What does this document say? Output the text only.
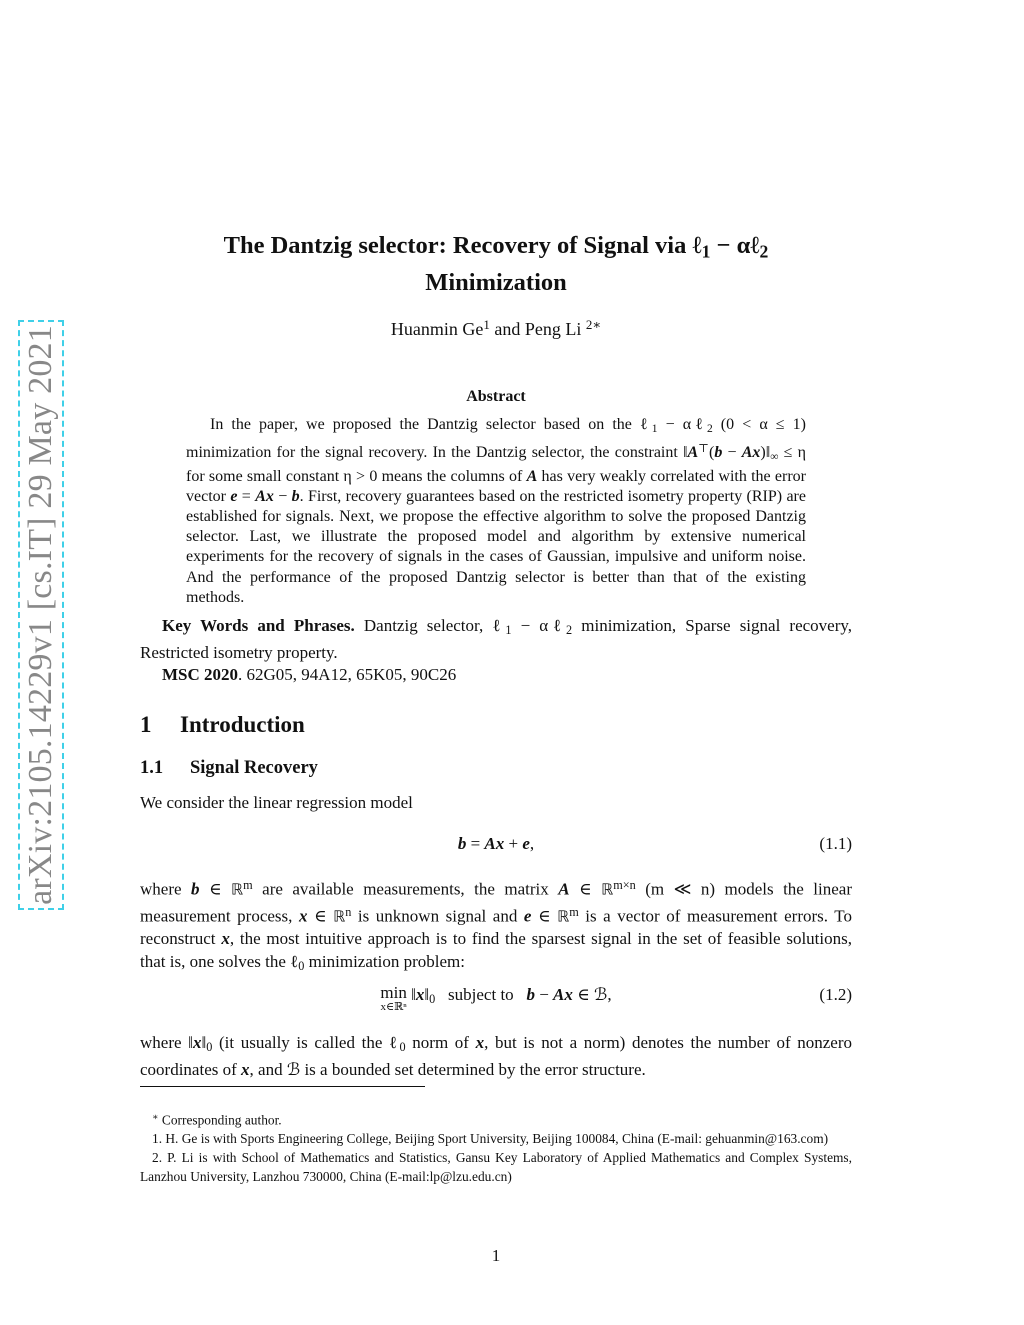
arXiv:2105.14229v1 [cs.IT] 29 May 2021
The Dantzig selector: Recovery of Signal via ℓ$_1$ − αℓ$_2$
Minimization
Huanmin Ge$^1$ and Peng Li $^{2∗}$
Abstract

In the paper, we proposed the Dantzig selector based on the ℓ$_1$ − αℓ$_2$ (0 < α ≤ 1) minimization for the signal recovery. In the Dantzig selector, the constraint ‖A⊤(b − $Ax)‖_\infty \le \eta$ for some small constant η > 0 means the columns of A has very weakly correlated with the error vector e = Ax − b. First, recovery guarantees based on the restricted isometry property (RIP) are established for signals. Next, we propose the effective algorithm to solve the proposed Dantzig selector. Last, we illustrate the proposed model and algorithm by extensive numerical experiments for the recovery of signals in the cases of Gaussian, impulsive and uniform noise. And the performance of the proposed Dantzig selector is better than that of the existing methods.

Key Words and Phrases. Dantzig selector, ℓ$_1$ − αℓ$_2$ minimization, Sparse signal recovery, Restricted isometry property.

MSC 2020. 62G05, 94A12, 65K05, 90C26

1 Introduction
1.1 Signal Recovery

We consider the linear regression model

b = Ax + e,	(1.1)

where b ∈ ℝ$^m$ are available measurements, the matrix A ∈ ℝ$^{m\times n}$ (m ≪ n) models the linear measurement process, x ∈ ℝ$^n$ is unknown signal and e ∈ ℝ$^m$ is a vector of measurement errors. To reconstruct x, the most intuitive approach is to find the sparsest signal in the set of feasible solutions, that is, one solves the ℓ$_0$ minimization problem:

min
x∈ℝⁿ
$‖x‖_0$ subject to b − Ax ∈ ℬ,	(1.2)

where $‖x‖_0$ (it usually is called the ℓ$_0$ norm of x, but is not a norm) denotes the number of nonzero coordinates of x, and ℬ is a bounded set determined by the error structure.

∗ Corresponding author.

1. H. Ge is with Sports Engineering College, Beijing Sport University, Beijing 100084, China (E-mail: gehuanmin@163.com)

2. P. Li is with School of Mathematics and Statistics, Gansu Key Laboratory of Applied Mathematics and Complex Systems, Lanzhou University, Lanzhou 730000, China (E-mail:lp@lzu.edu.cn)

1
